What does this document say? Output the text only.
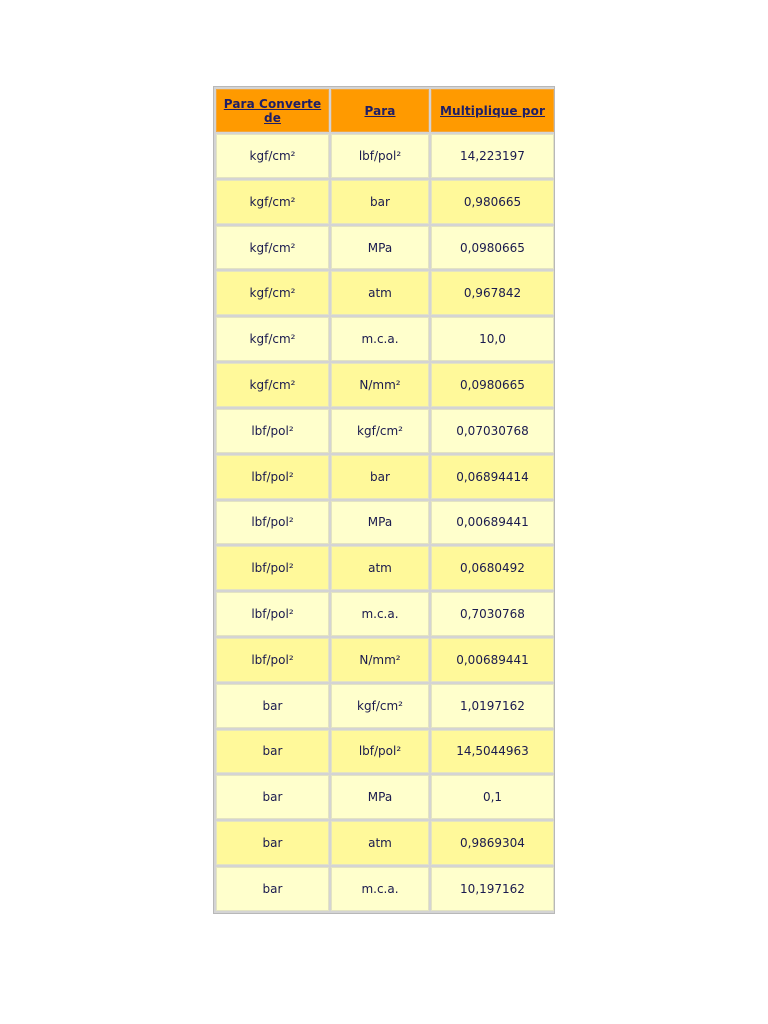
Para Converte de	Para	Multiplique por
kgf/cm²	lbf/pol²	14,223197
kgf/cm²	bar	0,980665
kgf/cm²	MPa	0,0980665
kgf/cm²	atm	0,967842
kgf/cm²	m.c.a.	10,0
kgf/cm²	N/mm²	0,0980665
lbf/pol²	kgf/cm²	0,07030768
lbf/pol²	bar	0,06894414
lbf/pol²	MPa	0,00689441
lbf/pol²	atm	0,0680492
lbf/pol²	m.c.a.	0,7030768
lbf/pol²	N/mm²	0,00689441
bar	kgf/cm²	1,0197162
bar	lbf/pol²	14,5044963
bar	MPa	0,1
bar	atm	0,9869304
bar	m.c.a.	10,197162
